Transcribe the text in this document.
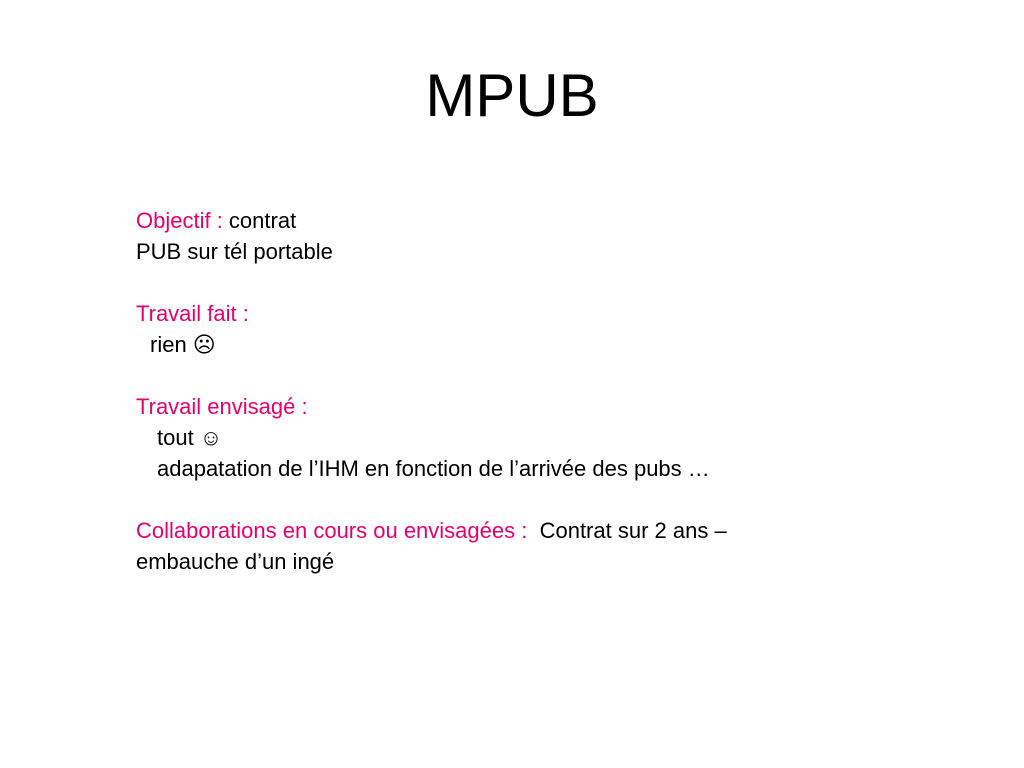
MPUB
Objectif : contrat
PUB sur tél portable
Travail fait :
rien ☹
Travail envisagé :
tout ☺
adapatation de l’IHM en fonction de l’arrivée des pubs …
Collaborations en cours ou envisagées :  Contrat sur 2 ans –
embauche d’un ingé
